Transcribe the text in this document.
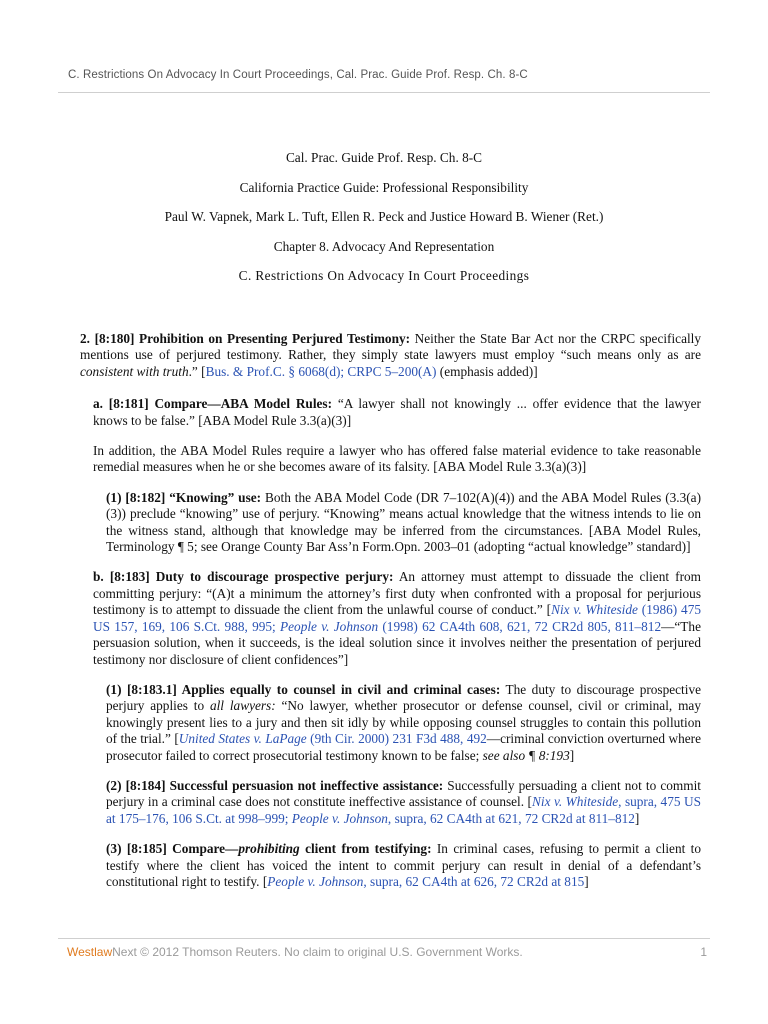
C. Restrictions On Advocacy In Court Proceedings, Cal. Prac. Guide Prof. Resp. Ch. 8-C
Cal. Prac. Guide Prof. Resp. Ch. 8-C
California Practice Guide: Professional Responsibility
Paul W. Vapnek, Mark L. Tuft, Ellen R. Peck and Justice Howard B. Wiener (Ret.)
Chapter 8. Advocacy And Representation
C. Restrictions On Advocacy In Court Proceedings

2. [8:180] Prohibition on Presenting Perjured Testimony: Neither the State Bar Act nor the CRPC specifically mentions use of perjured testimony. Rather, they simply state lawyers must employ “such means only as are consistent with truth.” [Bus. & Prof.C. § 6068(d); CRPC 5–200(A) (emphasis added)]

a. [8:181] Compare—ABA Model Rules: “A lawyer shall not knowingly ... offer evidence that the lawyer knows to be false.” [ABA Model Rule 3.3(a)(3)]

In addition, the ABA Model Rules require a lawyer who has offered false material evidence to take reasonable remedial measures when he or she becomes aware of its falsity. [ABA Model Rule 3.3(a)(3)]

(1) [8:182] “Knowing” use: Both the ABA Model Code (DR 7–102(A)(4)) and the ABA Model Rules (3.3(a)(3)) preclude “knowing” use of perjury. “Knowing” means actual knowledge that the witness intends to lie on the witness stand, although that knowledge may be inferred from the circumstances. [ABA Model Rules, Terminology ¶ 5; see Orange County Bar Ass’n Form.Opn. 2003–01 (adopting “actual knowledge” standard)]

b. [8:183] Duty to discourage prospective perjury: An attorney must attempt to dissuade the client from committing perjury: “(A)t a minimum the attorney’s first duty when confronted with a proposal for perjurious testimony is to attempt to dissuade the client from the unlawful course of conduct.” [Nix v. Whiteside (1986) 475 US 157, 169, 106 S.Ct. 988, 995; People v. Johnson (1998) 62 CA4th 608, 621, 72 CR2d 805, 811–812—“The persuasion solution, when it succeeds, is the ideal solution since it involves neither the presentation of perjured testimony nor disclosure of client confidences”]

(1) [8:183.1] Applies equally to counsel in civil and criminal cases: The duty to discourage prospective perjury applies to all lawyers: “No lawyer, whether prosecutor or defense counsel, civil or criminal, may knowingly present lies to a jury and then sit idly by while opposing counsel struggles to contain this pollution of the trial.” [United States v. LaPage (9th Cir. 2000) 231 F3d 488, 492—criminal conviction overturned where prosecutor failed to correct prosecutorial testimony known to be false; see also ¶ 8:193]

(2) [8:184] Successful persuasion not ineffective assistance: Successfully persuading a client not to commit perjury in a criminal case does not constitute ineffective assistance of counsel. [Nix v. Whiteside, supra, 475 US at 175–176, 106 S.Ct. at 998–999; People v. Johnson, supra, 62 CA4th at 621, 72 CR2d at 811–812]

(3) [8:185] Compare—prohibiting client from testifying: In criminal cases, refusing to permit a client to testify where the client has voiced the intent to commit perjury can result in denial of a defendant’s constitutional right to testify. [People v. Johnson, supra, 62 CA4th at 626, 72 CR2d at 815]

WestlawNext © 2012 Thomson Reuters. No claim to original U.S. Government Works.	1
